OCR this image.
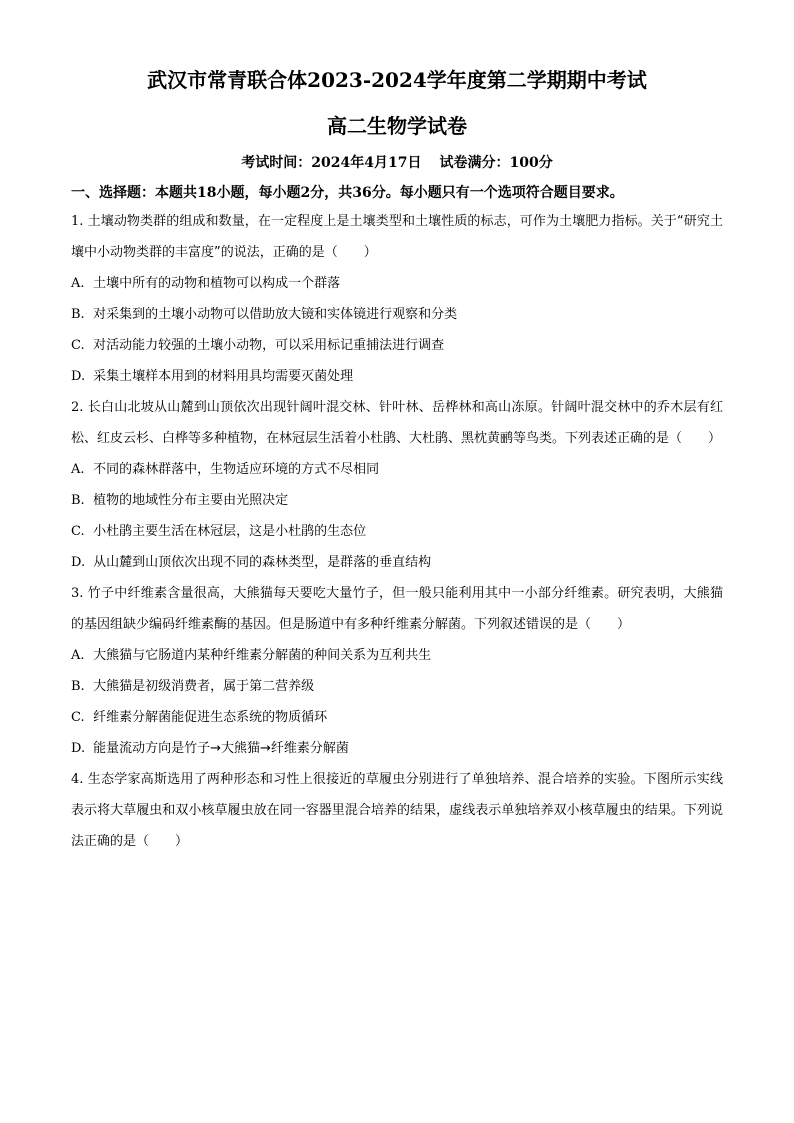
武汉市常青联合体2023-2024学年度第二学期期中考试
高二生物学试卷
考试时间：2024年4月17日 试卷满分：100分
一、选择题：本题共18小题，每小题2分，共36分。每小题只有一个选项符合题目要求。

1. 土壤动物类群的组成和数量，在一定程度上是土壤类型和土壤性质的标志，可作为土壤肥力指标。关于“研究土壤中小动物类群的丰富度”的说法，正确的是（　　）

A. 土壤中所有的动物和植物可以构成一个群落

B. 对采集到的土壤小动物可以借助放大镜和实体镜进行观察和分类

C. 对活动能力较强的土壤小动物，可以采用标记重捕法进行调查

D. 采集土壤样本用到的材料用具均需要灭菌处理

2. 长白山北坡从山麓到山顶依次出现针阔叶混交林、针叶林、岳桦林和高山冻原。针阔叶混交林中的乔木层有红松、红皮云杉、白桦等多种植物，在林冠层生活着小杜鹃、大杜鹃、黑枕黄鹂等鸟类。下列表述正确的是（　　）

A. 不同的森林群落中，生物适应环境的方式不尽相同

B. 植物的地域性分布主要由光照决定

C. 小杜鹃主要生活在林冠层，这是小杜鹃的生态位

D. 从山麓到山顶依次出现不同的森林类型，是群落的垂直结构

3. 竹子中纤维素含量很高，大熊猫每天要吃大量竹子，但一般只能利用其中一小部分纤维素。研究表明，大熊猫的基因组缺少编码纤维素酶的基因。但是肠道中有多种纤维素分解菌。下列叙述错误的是（　　）

A. 大熊猫与它肠道内某种纤维素分解菌的种间关系为互利共生

B. 大熊猫是初级消费者，属于第二营养级

C. 纤维素分解菌能促进生态系统的物质循环

D. 能量流动方向是竹子→大熊猫→纤维素分解菌

4. 生态学家高斯选用了两种形态和习性上很接近的草履虫分别进行了单独培养、混合培养的实验。下图所示实线表示将大草履虫和双小核草履虫放在同一容器里混合培养的结果，虚线表示单独培养双小核草履虫的结果。下列说法正确的是（　　）
